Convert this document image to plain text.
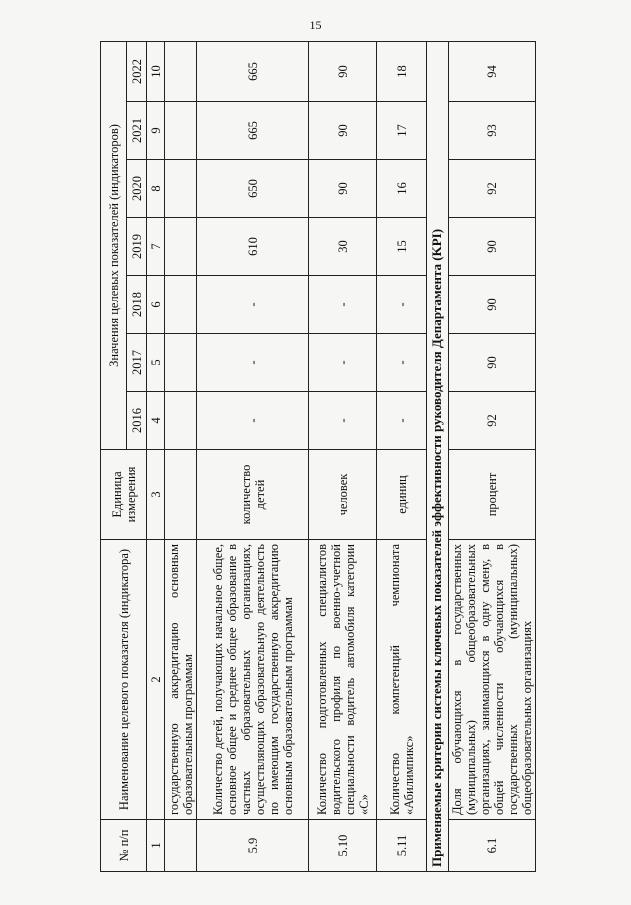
15
№ п/п	Наименование целевого показателя (индикатора)	Единица измерения	Значения целевых показателей (индикаторов)						
			2016	2017	2018	2019	2020	2021	2022
1	2	3	4	5	6	7	8	9	10
	государственную аккредитацию основным образовательным программам								
5.9	Количество детей, получающих начальное общее, основное общее и среднее общее образование в частных образовательных организациях, осуществляющих образовательную деятельность по имеющим государственную аккредитацию основным образовательным программам	количество детей	-	-	-	610	650	665	665
5.10	Количество подготовленных специалистов водительского профиля по военно-учетной специальности водитель автомобиля категории «С»	человек	-	-	-	30	90	90	90
5.11	Количество компетенций чемпионата «Абилимпикс»	единиц	-	-	-	15	16	17	18
Применяемые критерии системы ключевых показателей эффективности руководителя Департамента (KPI)									
6.1	Доля обучающихся в государственных (муниципальных) общеобразовательных организациях, занимающихся в одну смену, в общей численности обучающихся в государственных (муниципальных) общеобразовательных организациях	процент	92	90	90	90	92	93	94
